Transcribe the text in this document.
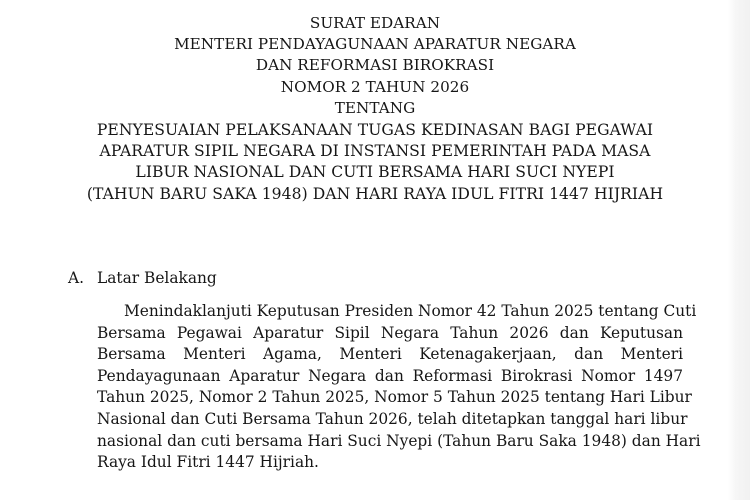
SURAT EDARAN
MENTERI PENDAYAGUNAAN APARATUR NEGARA
DAN REFORMASI BIROKRASI
NOMOR 2 TAHUN 2026
TENTANG
PENYESUAIAN PELAKSANAAN TUGAS KEDINASAN BAGI PEGAWAI
APARATUR SIPIL NEGARA DI INSTANSI PEMERINTAH PADA MASA
LIBUR NASIONAL DAN CUTI BERSAMA HARI SUCI NYEPI
(TAHUN BARU SAKA 1948) DAN HARI RAYA IDUL FITRI 1447 HIJRIAH
A. Latar Belakang
Menindaklanjuti Keputusan Presiden Nomor 42 Tahun 2025 tentang Cuti
Bersama Pegawai Aparatur Sipil Negara Tahun 2026 dan Keputusan
Bersama Menteri Agama, Menteri Ketenagakerjaan, dan Menteri
Pendayagunaan Aparatur Negara dan Reformasi Birokrasi Nomor 1497
Tahun 2025, Nomor 2 Tahun 2025, Nomor 5 Tahun 2025 tentang Hari Libur
Nasional dan Cuti Bersama Tahun 2026, telah ditetapkan tanggal hari libur
nasional dan cuti bersama Hari Suci Nyepi (Tahun Baru Saka 1948) dan Hari
Raya Idul Fitri 1447 Hijriah.
